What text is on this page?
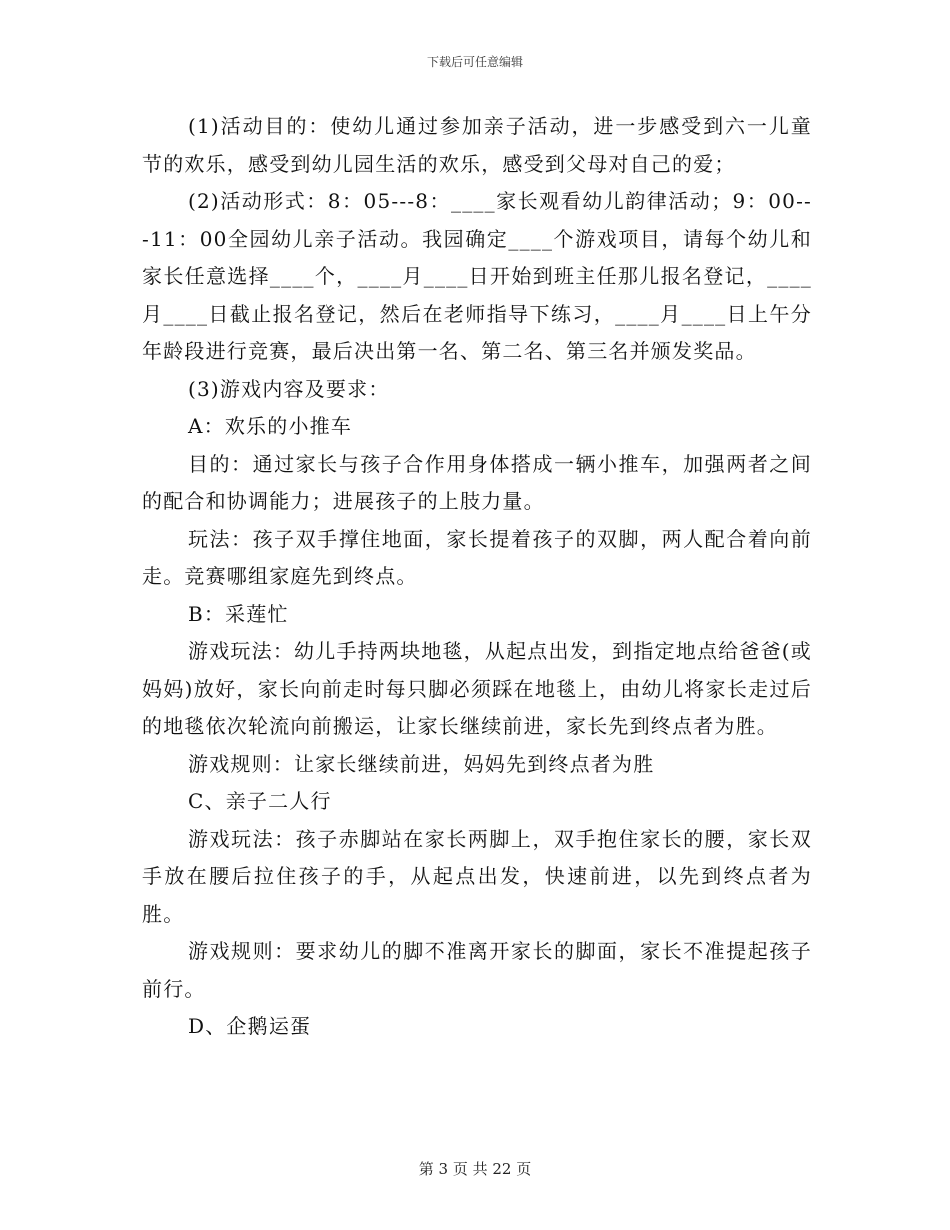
下载后可任意编辑

(1)活动目的：使幼儿通过参加亲子活动，进一步感受到六一儿童节的欢乐，感受到幼儿园生活的欢乐，感受到父母对自己的爱；

(2)活动形式：8：05---8：____家长观看幼儿韵律活动；9：00---11：00全园幼儿亲子活动。我园确定____个游戏项目，请每个幼儿和家长任意选择____个，____月____日开始到班主任那儿报名登记，____月____日截止报名登记，然后在老师指导下练习，____月____日上午分年龄段进行竞赛，最后决出第一名、第二名、第三名并颁发奖品。

(3)游戏内容及要求：

A：欢乐的小推车

目的：通过家长与孩子合作用身体搭成一辆小推车，加强两者之间的配合和协调能力；进展孩子的上肢力量。

玩法：孩子双手撑住地面，家长提着孩子的双脚，两人配合着向前走。竞赛哪组家庭先到终点。

B：采莲忙

游戏玩法：幼儿手持两块地毯，从起点出发，到指定地点给爸爸(或妈妈)放好，家长向前走时每只脚必须踩在地毯上，由幼儿将家长走过后的地毯依次轮流向前搬运，让家长继续前进，家长先到终点者为胜。

游戏规则：让家长继续前进，妈妈先到终点者为胜

C、亲子二人行

游戏玩法：孩子赤脚站在家长两脚上，双手抱住家长的腰，家长双手放在腰后拉住孩子的手，从起点出发，快速前进，以先到终点者为胜。

游戏规则：要求幼儿的脚不准离开家长的脚面，家长不准提起孩子前行。

D、企鹅运蛋

第 3 页 共 22 页
